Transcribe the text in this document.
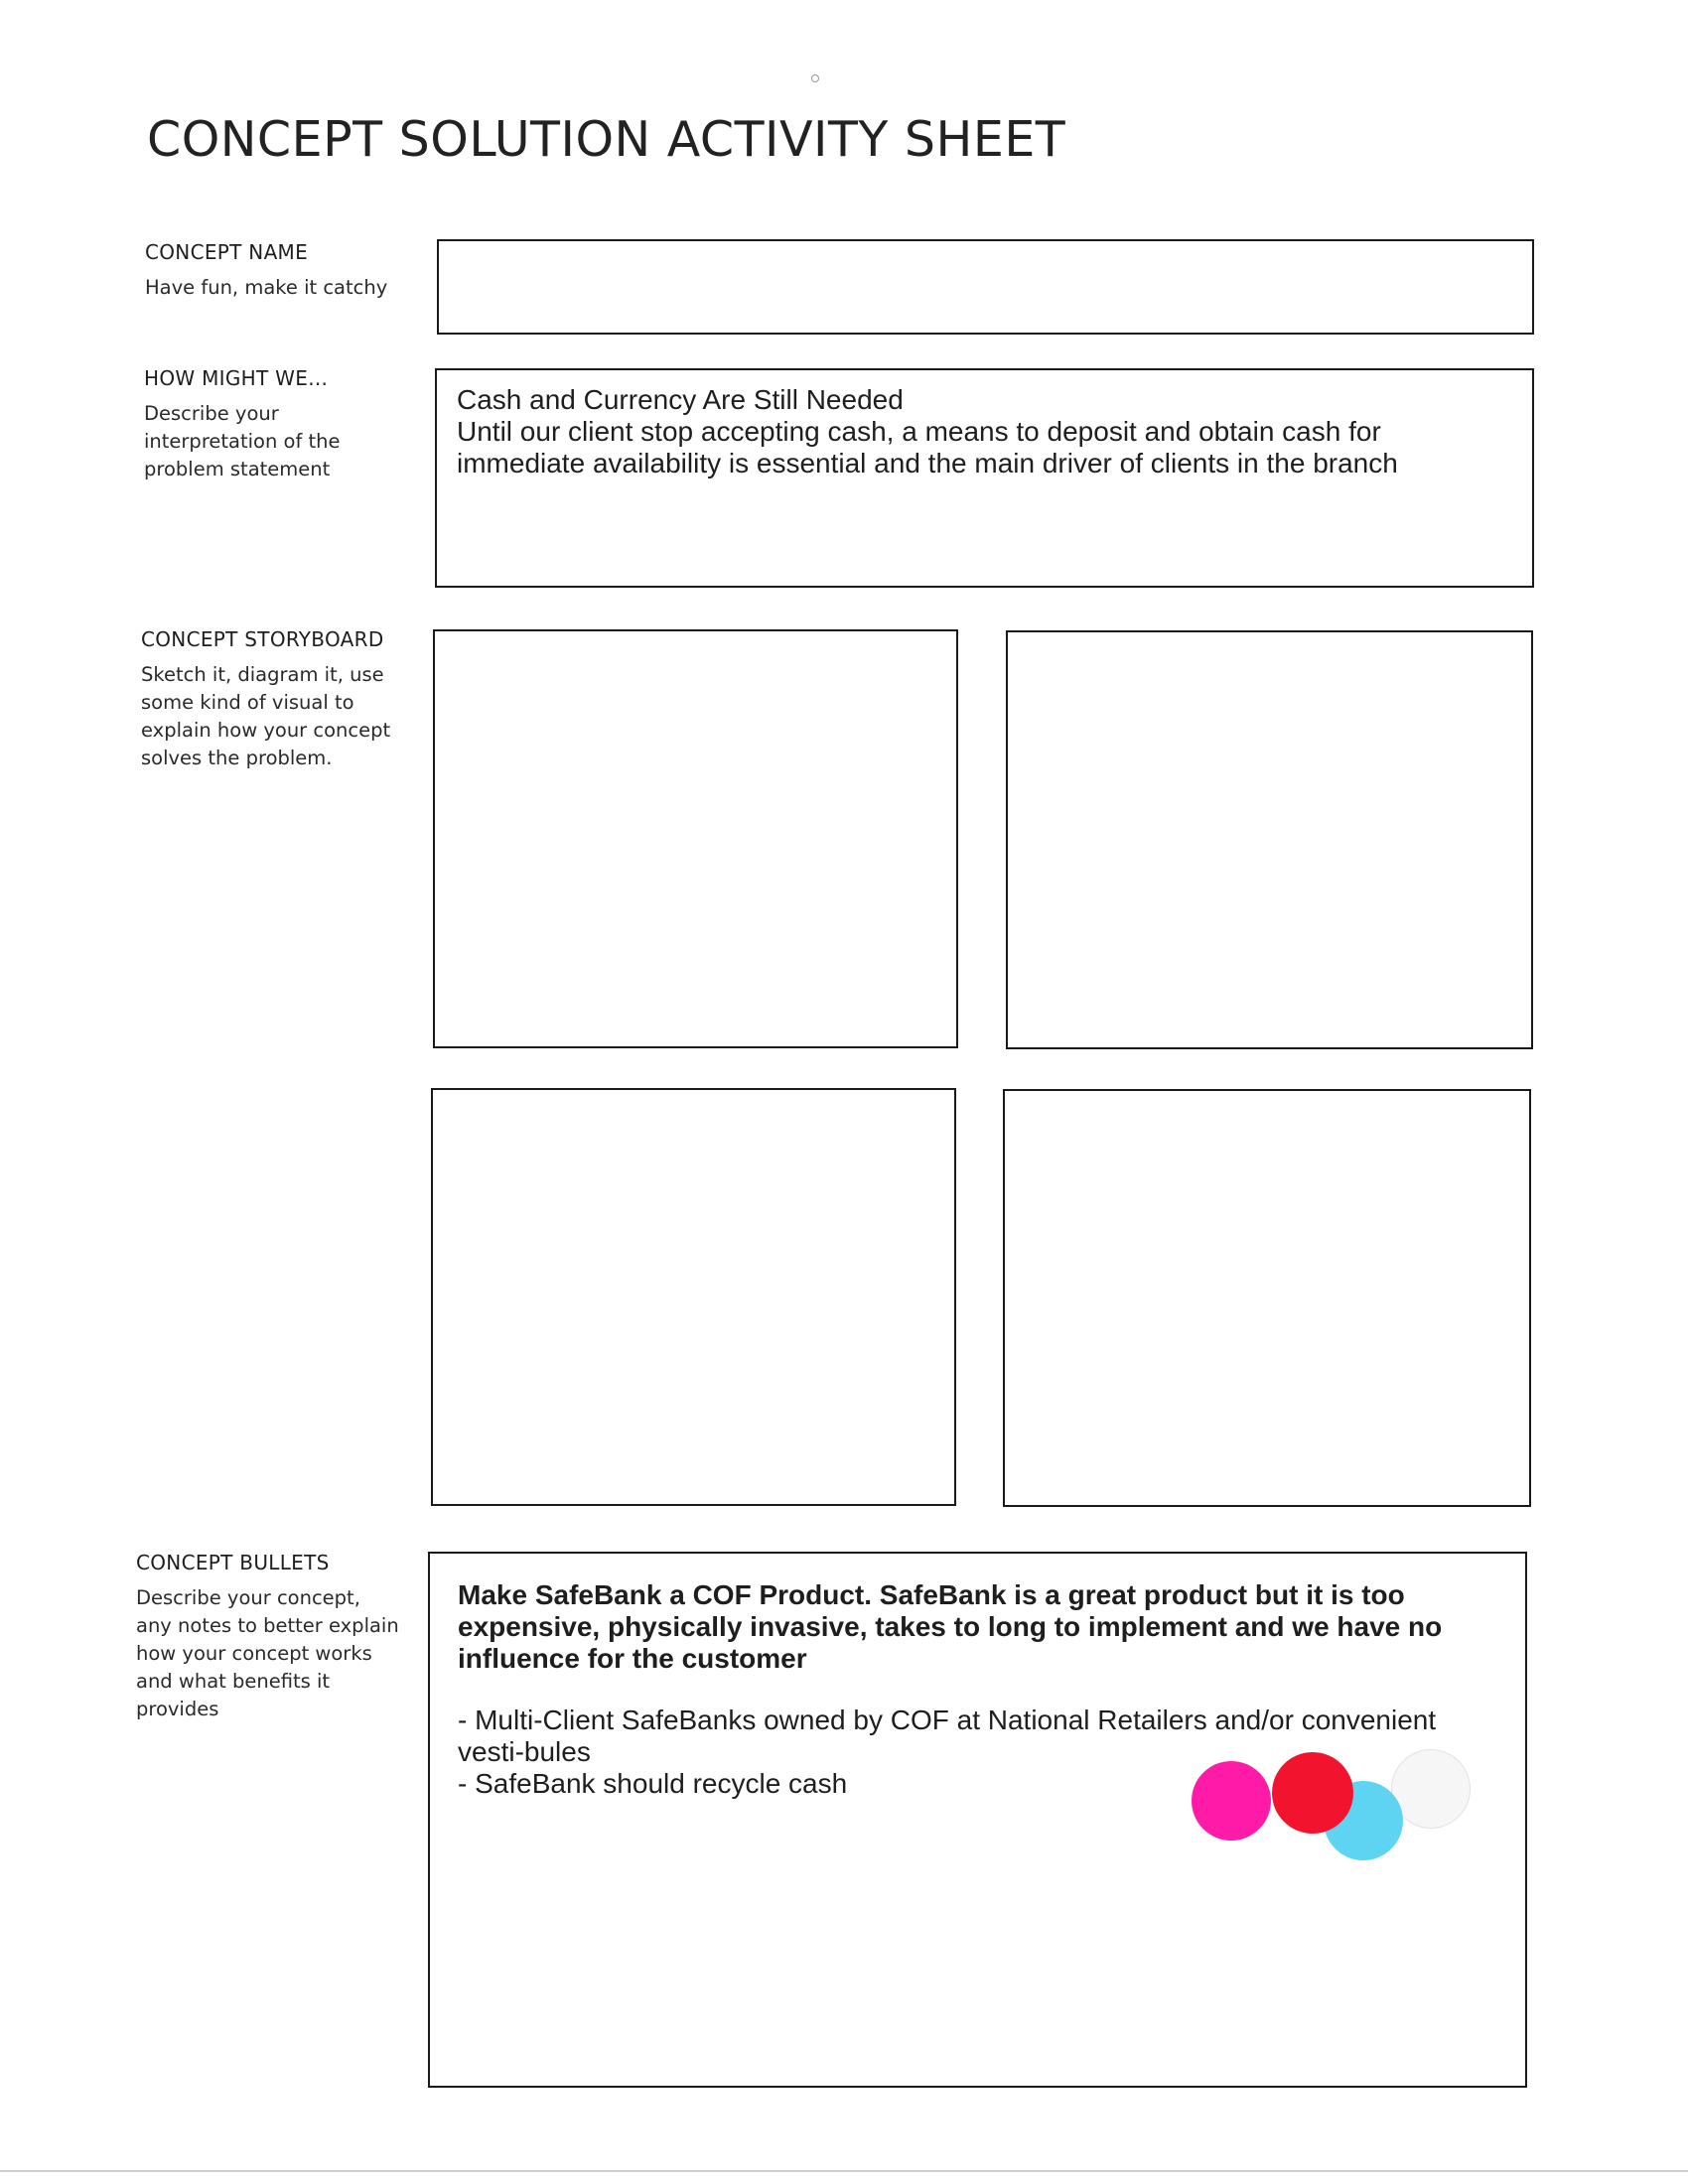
CONCEPT SOLUTION ACTIVITY SHEET

CONCEPT NAME

Have fun, make it catchy

HOW MIGHT WE...

Describe your interpretation of the problem statement

Cash and Currency Are Still Needed
Until our client stop accepting cash, a means to deposit and obtain cash for immediate availability is essential and the main driver of clients in the branch

CONCEPT STORYBOARD

Sketch it, diagram it, use some kind of visual to explain how your concept solves the problem.

CONCEPT BULLETS

Describe your concept, any notes to better explain how your concept works and what benefits it provides

Make SafeBank a COF Product. SafeBank is a great product but it is too expensive, physically invasive, takes to long to implement and we have no influence for the customer

- Multi-Client SafeBanks owned by COF at National Retailers and/or convenient vesti-bules

- SafeBank should recycle cash
